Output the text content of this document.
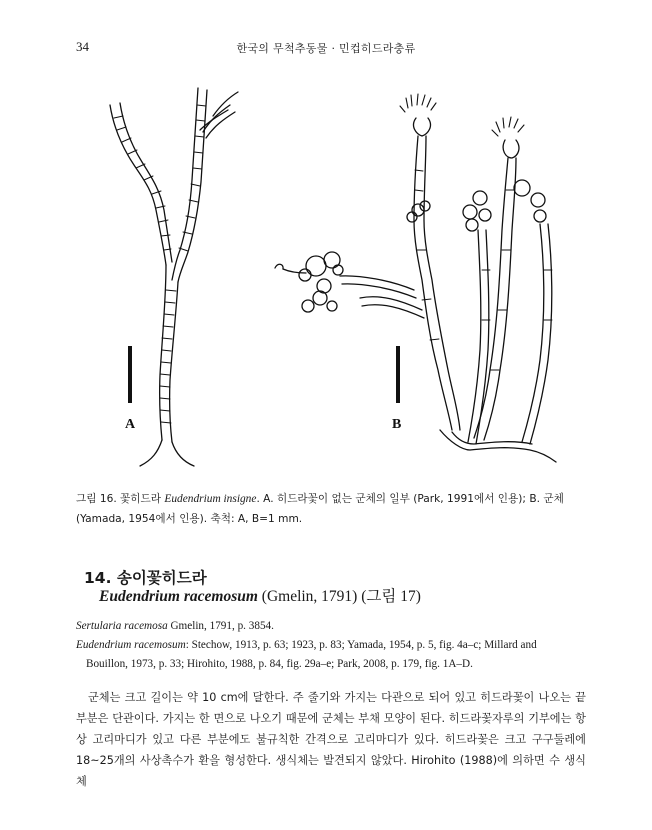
34	한국의 무척추동물 · 민컵히드라충류
A	B
그림 16. 꽃히드라 Eudendrium insigne. A. 히드라꽃이 없는 군체의 일부 (Park, 1991에서 인용); B. 군체 (Yamada, 1954에서 인용). 축척: A, B=1 mm.
14. 송이꽃히드라
Eudendrium racemosum (Gmelin, 1791) (그림 17)

Sertularia racemosa Gmelin, 1791, p. 3854.

Eudendrium racemosum: Stechow, 1913, p. 63; 1923, p. 83; Yamada, 1954, p. 5, fig. 4a–c; Millard and

Bouillon, 1973, p. 33; Hirohito, 1988, p. 84, fig. 29a–e; Park, 2008, p. 179, fig. 1A–D.

군체는 크고 길이는 약 10 cm에 달한다. 주 줄기와 가지는 다관으로 되어 있고 히드라꽃이 나오는 끝 부분은 단관이다. 가지는 한 면으로 나오기 때문에 군체는 부채 모양이 된다. 히드라꽃자루의 기부에는 항상 고리마디가 있고 다른 부분에도 불규칙한 간격으로 고리마디가 있다. 히드라꽃은 크고 구구둘레에 18~25개의 사상촉수가 환을 형성한다. 생식체는 발견되지 않았다. Hirohito (1988)에 의하면 수 생식체
